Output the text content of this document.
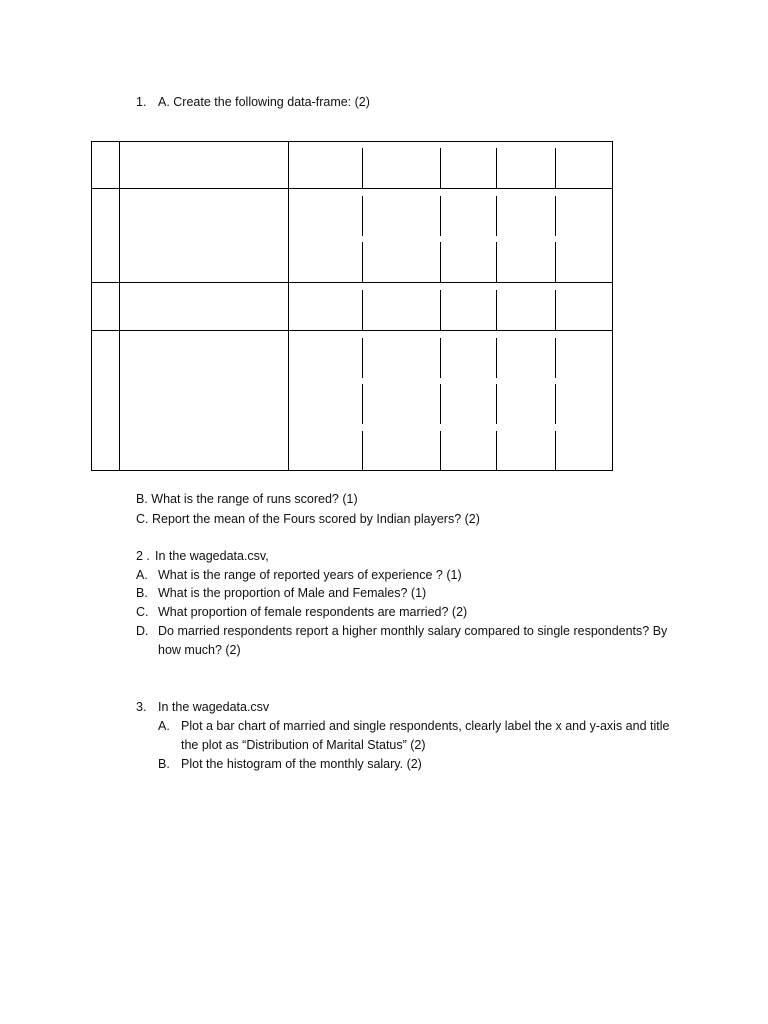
1. A. Create the following data-frame: (2)
B. What is the range of runs scored? (1)
C. Report the mean of the Fours scored by Indian players? (2)
2 . In the wagedata.csv,
A. What is the range of reported years of experience ? (1)
B. What is the proportion of Male and Females? (1)
C. What proportion of female respondents are married? (2)
D. Do married respondents report a higher monthly salary compared to single respondents? By
how much? (2)
3. In the wagedata.csv
A. Plot a bar chart of married and single respondents, clearly label the x and y-axis and title
the plot as “Distribution of Marital Status” (2)
B. Plot the histogram of the monthly salary. (2)
